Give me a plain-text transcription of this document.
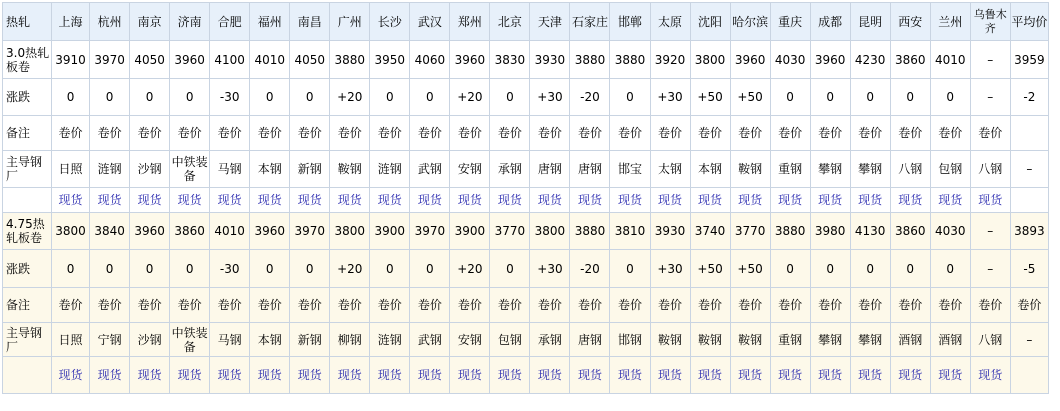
热轧	上海	杭州	南京	济南	合肥	福州	南昌	广州	长沙	武汉	郑州	北京	天津	石家庄	邯郸	太原	沈阳	哈尔滨	重庆	成都	昆明	西安	兰州	乌鲁木齐	平均价
3.0热轧板卷	3910	3970	4050	3960	4100	4010	4050	3880	3950	4060	3960	3830	3930	3880	3880	3920	3800	3960	4030	3960	4230	3860	4010	–	3959
涨跌	0	0	0	0	-30	0	0	+20	0	0	+20	0	+30	-20	0	+30	+50	+50	0	0	0	0	0	–	-2
备注	卷价	卷价	卷价	卷价	卷价	卷价	卷价	卷价	卷价	卷价	卷价	卷价	卷价	卷价	卷价	卷价	卷价	卷价	卷价	卷价	卷价	卷价	卷价	卷价	
主导钢厂	日照	涟钢	沙钢	中铁装备	马钢	本钢	新钢	鞍钢	涟钢	武钢	安钢	承钢	唐钢	唐钢	邯宝	太钢	本钢	鞍钢	重钢	攀钢	攀钢	八钢	包钢	八钢	–
	现货	现货	现货	现货	现货	现货	现货	现货	现货	现货	现货	现货	现货	现货	现货	现货	现货	现货	现货	现货	现货	现货	现货	现货	
4.75热轧板卷	3800	3840	3960	3860	4010	3960	3970	3800	3900	3970	3900	3770	3800	3880	3810	3930	3740	3770	3880	3980	4130	3860	4030	–	3893
涨跌	0	0	0	0	-30	0	0	+20	0	0	+20	0	+30	-20	0	+30	+50	+50	0	0	0	0	0	–	-5
备注	卷价	卷价	卷价	卷价	卷价	卷价	卷价	卷价	卷价	卷价	卷价	卷价	卷价	卷价	卷价	卷价	卷价	卷价	卷价	卷价	卷价	卷价	卷价	卷价	卷价
主导钢厂	日照	宁钢	沙钢	中铁装备	马钢	本钢	新钢	柳钢	涟钢	武钢	安钢	包钢	承钢	唐钢	邯钢	鞍钢	鞍钢	鞍钢	重钢	攀钢	攀钢	酒钢	酒钢	八钢	–
	现货	现货	现货	现货	现货	现货	现货	现货	现货	现货	现货	现货	现货	现货	现货	现货	现货	现货	现货	现货	现货	现货	现货	现货	
